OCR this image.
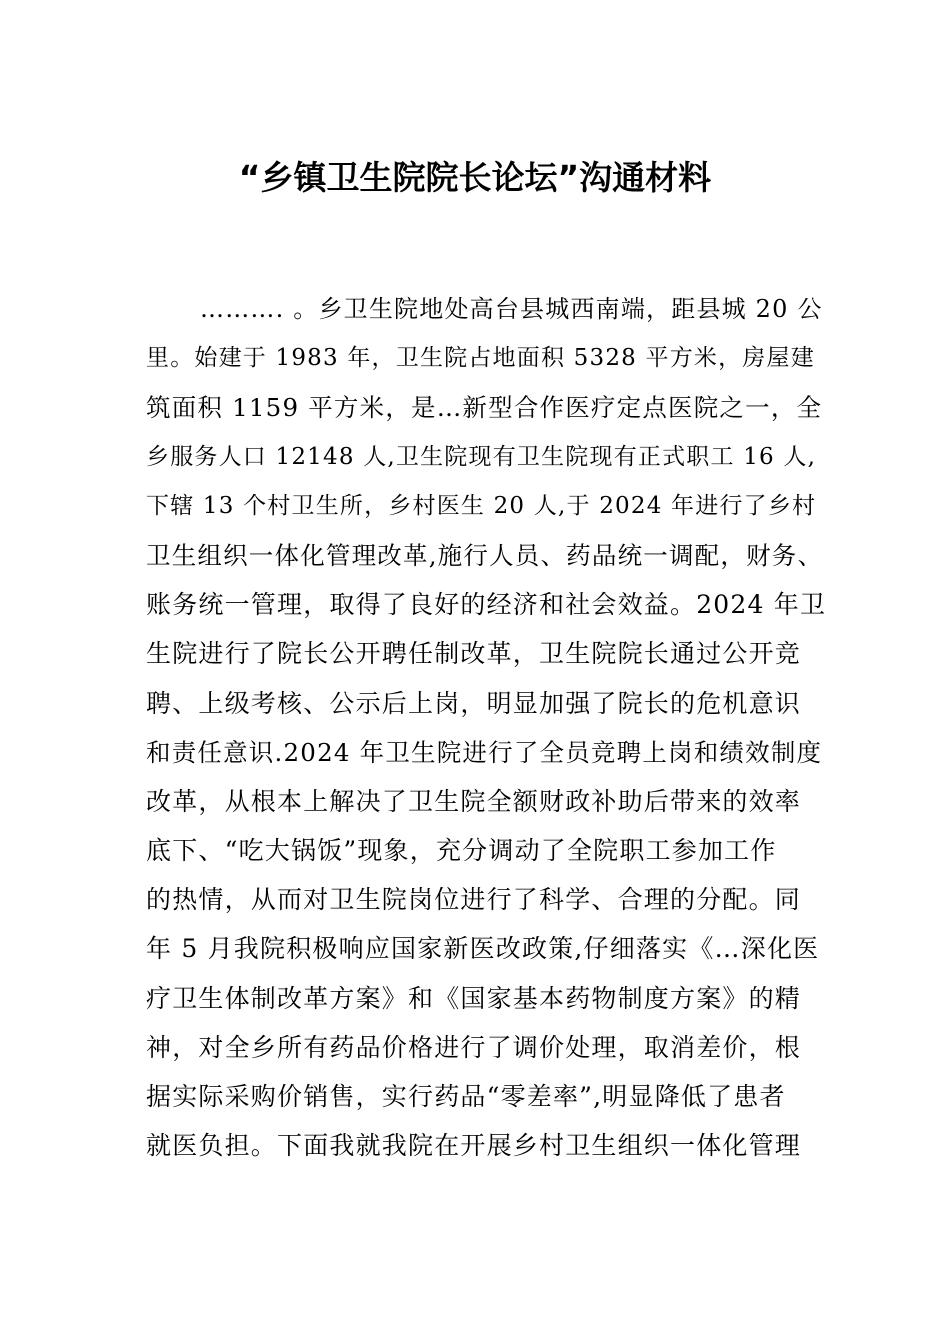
“乡镇卫生院院长论坛”沟通材料
………. 。乡卫生院地处高台县城西南端，距县城 20 公
里。始建于 1983 年，卫生院占地面积 5328 平方米，房屋建
筑面积 1159 平方米，是…新型合作医疗定点医院之一，全
乡服务人口 12148 人,卫生院现有卫生院现有正式职工 16 人,
下辖 13 个村卫生所，乡村医生 20 人,于 2024 年进行了乡村
卫生组织一体化管理改革,施行人员、药品统一调配，财务、
账务统一管理，取得了良好的经济和社会效益。2024 年卫
生院进行了院长公开聘任制改革，卫生院院长通过公开竞
聘、上级考核、公示后上岗，明显加强了院长的危机意识
和责任意识.2024 年卫生院进行了全员竞聘上岗和绩效制度
改革，从根本上解决了卫生院全额财政补助后带来的效率
底下、“吃大锅饭”现象，充分调动了全院职工参加工作
的热情，从而对卫生院岗位进行了科学、合理的分配。同
年 5 月我院积极响应国家新医改政策,仔细落实《…深化医
疗卫生体制改革方案》和《国家基本药物制度方案》的精
神，对全乡所有药品价格进行了调价处理，取消差价，根
据实际采购价销售，实行药品“零差率”,明显降低了患者
就医负担。下面我就我院在开展乡村卫生组织一体化管理
